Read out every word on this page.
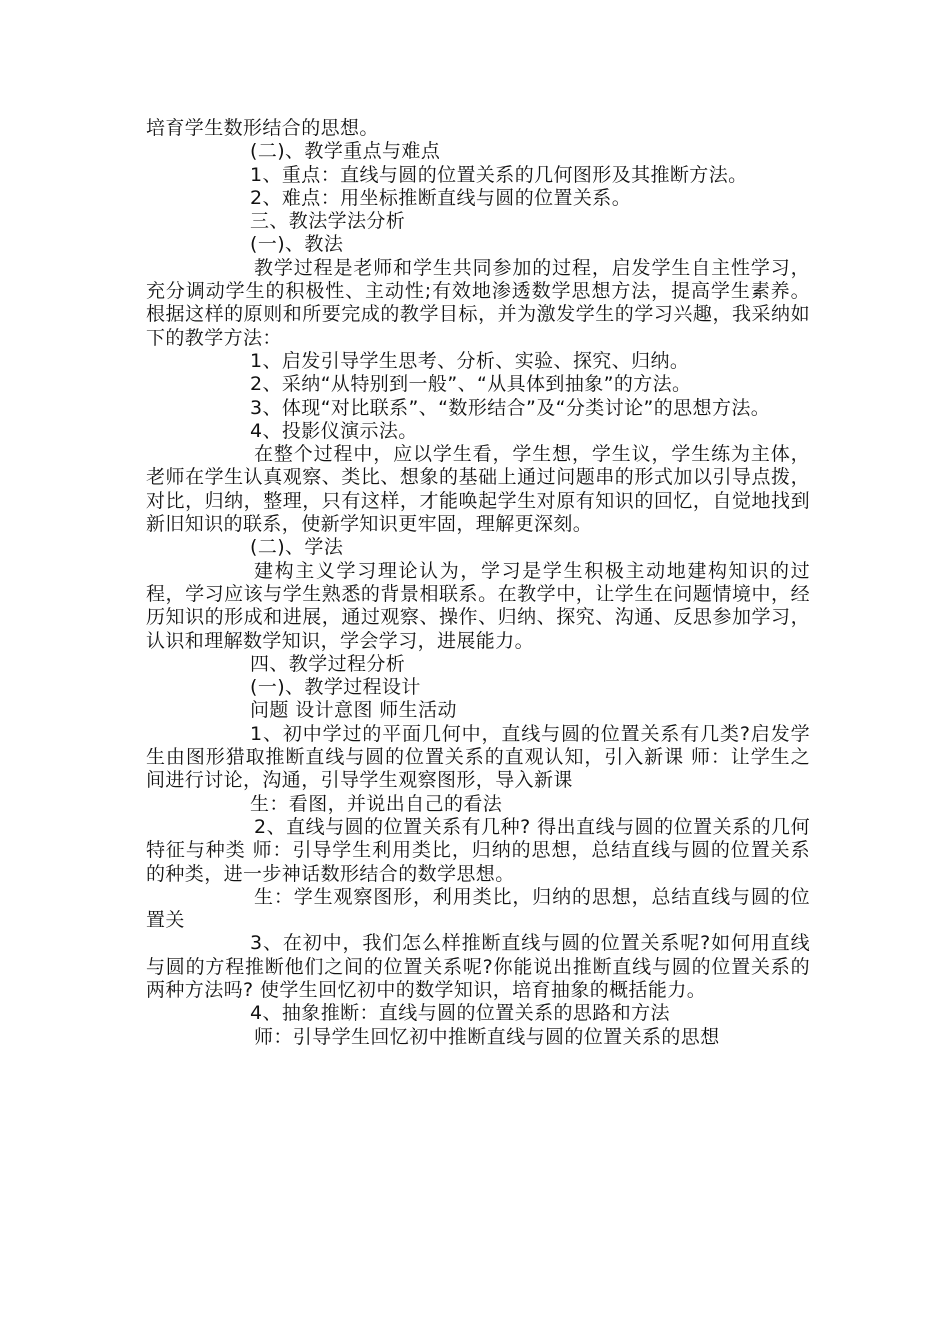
培育学生数形结合的思想。

(二)、教学重点与难点

1、重点：直线与圆的位置关系的几何图形及其推断方法。

2、难点：用坐标推断直线与圆的位置关系。

三、教法学法分析

(一)、教法

教学过程是老师和学生共同参加的过程，启发学生自主性学习，充分调动学生的积极性、主动性;有效地渗透数学思想方法，提高学生素养。根据这样的原则和所要完成的教学目标，并为激发学生的学习兴趣，我采纳如下的教学方法：

1、启发引导学生思考、分析、实验、探究、归纳。

2、采纳“从特别到一般”、“从具体到抽象”的方法。

3、体现“对比联系”、“数形结合”及“分类讨论”的思想方法。

4、投影仪演示法。

在整个过程中，应以学生看，学生想，学生议，学生练为主体，老师在学生认真观察、类比、想象的基础上通过问题串的形式加以引导点拨，对比，归纳，整理，只有这样，才能唤起学生对原有知识的回忆，自觉地找到新旧知识的联系，使新学知识更牢固，理解更深刻。

(二)、学法

建构主义学习理论认为，学习是学生积极主动地建构知识的过程，学习应该与学生熟悉的背景相联系。在教学中，让学生在问题情境中，经历知识的形成和进展，通过观察、操作、归纳、探究、沟通、反思参加学习，认识和理解数学知识，学会学习，进展能力。

四、教学过程分析

(一)、教学过程设计

问题 设计意图 师生活动

1、初中学过的平面几何中，直线与圆的位置关系有几类?启发学生由图形猎取推断直线与圆的位置关系的直观认知，引入新课 师：让学生之间进行讨论，沟通，引导学生观察图形，导入新课

生：看图，并说出自己的看法

2、直线与圆的位置关系有几种? 得出直线与圆的位置关系的几何特征与种类 师：引导学生利用类比，归纳的思想，总结直线与圆的位置关系的种类，进一步神话数形结合的数学思想。

生：学生观察图形，利用类比，归纳的思想，总结直线与圆的位置关

3、在初中，我们怎么样推断直线与圆的位置关系呢?如何用直线与圆的方程推断他们之间的位置关系呢?你能说出推断直线与圆的位置关系的两种方法吗? 使学生回忆初中的数学知识，培育抽象的概括能力。

4、抽象推断：直线与圆的位置关系的思路和方法

师：引导学生回忆初中推断直线与圆的位置关系的思想
